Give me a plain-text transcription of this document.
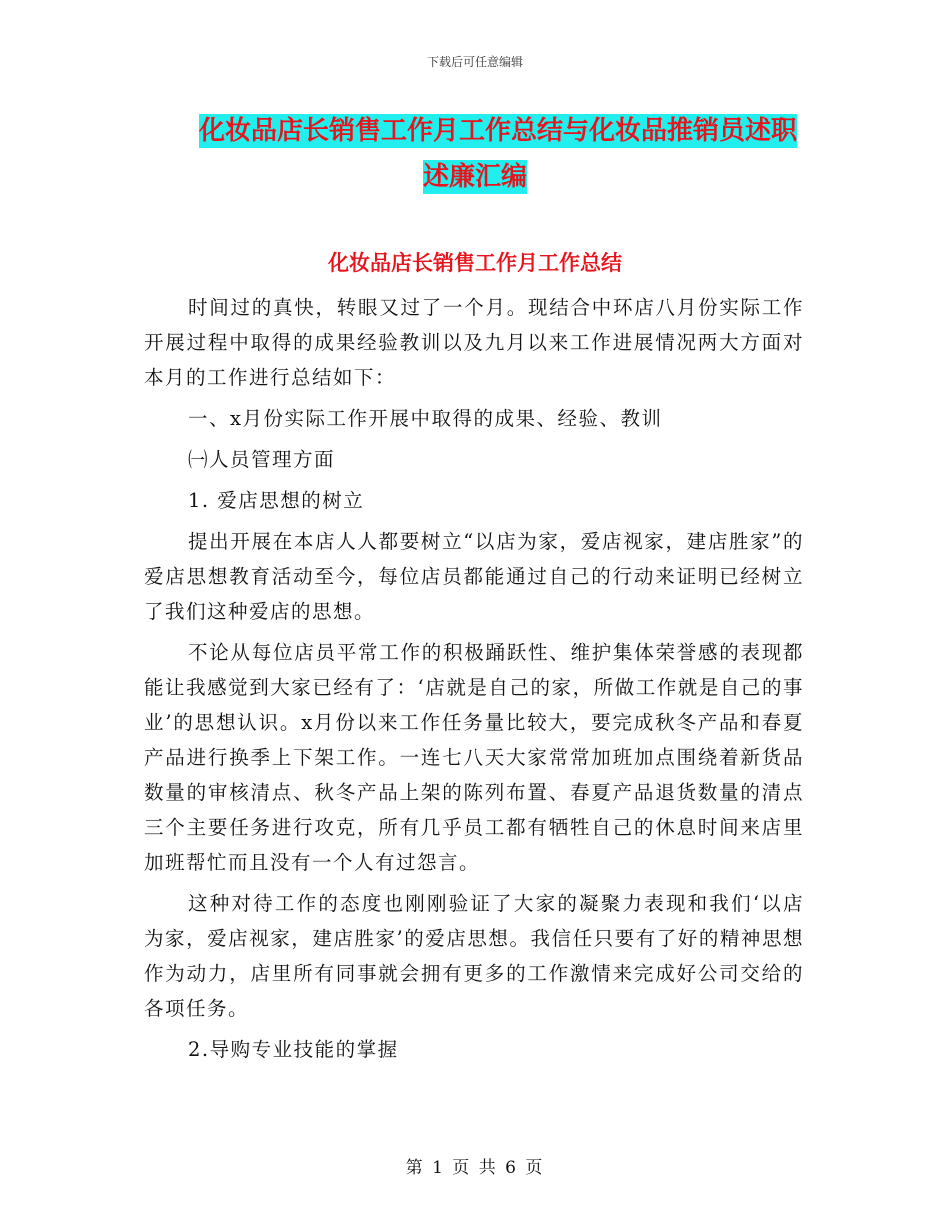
下载后可任意编辑
化妆品店长销售工作月工作总结与化妆品推销员述职
述廉汇编
化妆品店长销售工作月工作总结

时间过的真快，转眼又过了一个月。现结合中环店八月份实际工作开展过程中取得的成果经验教训以及九月以来工作进展情况两大方面对本月的工作进行总结如下：

一、x月份实际工作开展中取得的成果、经验、教训

㈠人员管理方面

1. 爱店思想的树立

提出开展在本店人人都要树立“以店为家，爱店视家，建店胜家”的爱店思想教育活动至今，每位店员都能通过自己的行动来证明已经树立了我们这种爱店的思想。

不论从每位店员平常工作的积极踊跃性、维护集体荣誉感的表现都能让我感觉到大家已经有了：‘店就是自己的家，所做工作就是自己的事业’的思想认识。x月份以来工作任务量比较大，要完成秋冬产品和春夏产品进行换季上下架工作。一连七八天大家常常加班加点围绕着新货品数量的审核清点、秋冬产品上架的陈列布置、春夏产品退货数量的清点三个主要任务进行攻克，所有几乎员工都有牺牲自己的休息时间来店里加班帮忙而且没有一个人有过怨言。

这种对待工作的态度也刚刚验证了大家的凝聚力表现和我们‘以店为家，爱店视家，建店胜家’的爱店思想。我信任只要有了好的精神思想作为动力，店里所有同事就会拥有更多的工作激情来完成好公司交给的各项任务。

2.导购专业技能的掌握

第 1 页 共 6 页
